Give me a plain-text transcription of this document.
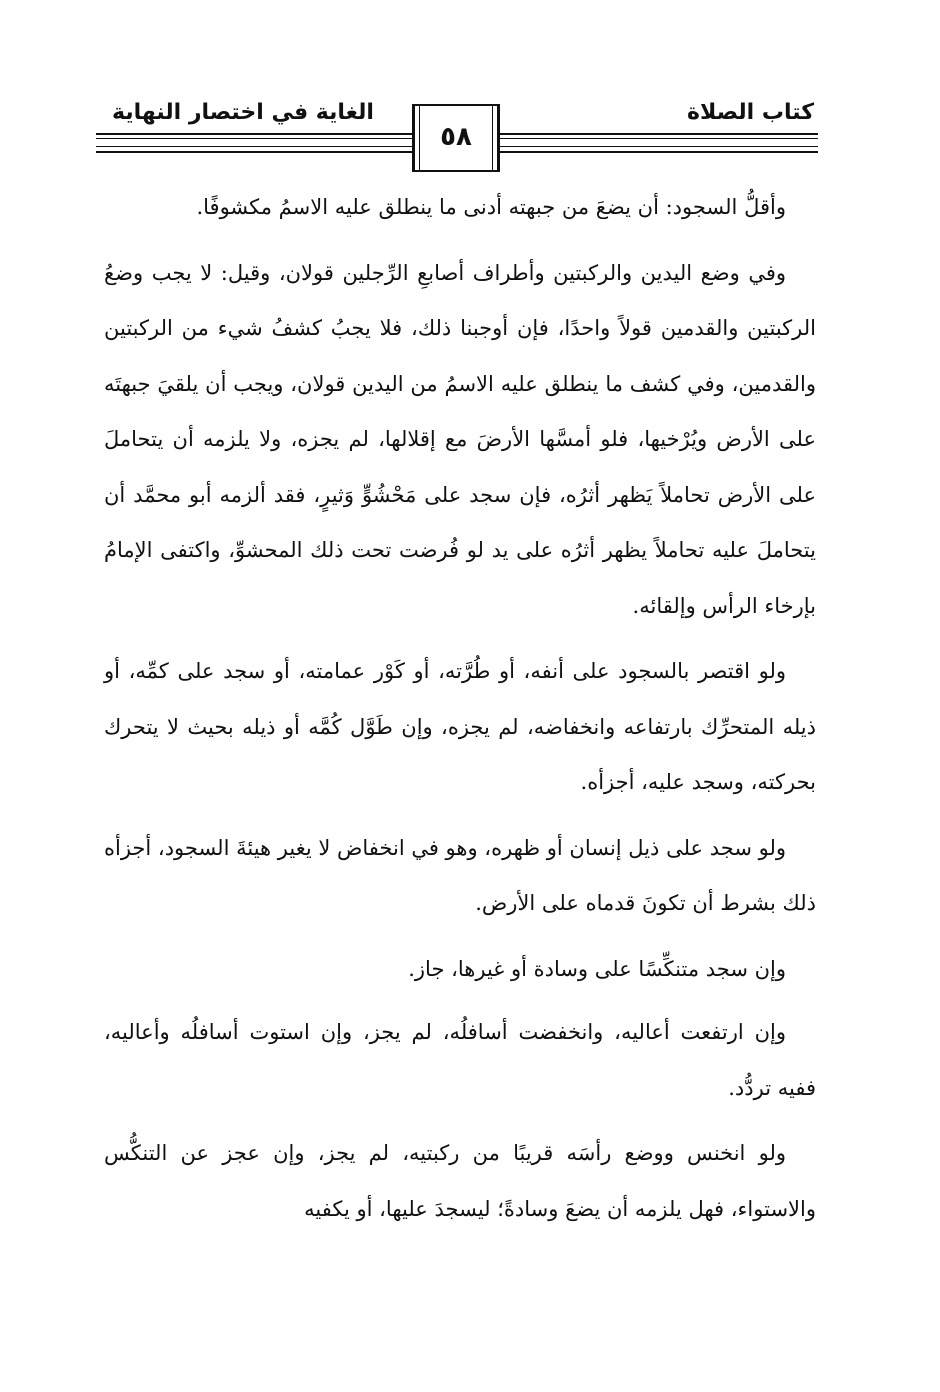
كتاب الصلاة
الغاية في اختصار النهاية
٥٨

وأقلُّ السجود: أن يضعَ من جبهته أدنى ما ينطلق عليه الاسمُ مكشوفًا.

وفي وضع اليدين والركبتين وأطراف أصابعِ الرِّجلين قولان، وقيل: لا يجب وضعُ الركبتين والقدمين قولاً واحدًا، فإن أوجبنا ذلك، فلا يجبُ كشفُ شيء من الركبتين والقدمين، وفي كشف ما ينطلق عليه الاسمُ من اليدين قولان، ويجب أن يلقيَ جبهتَه على الأرض ويُرْخيها، فلو أمسَّها الأرضَ مع إقلالها، لم يجزه، ولا يلزمه أن يتحاملَ على الأرض تحاملاً يَظهر أثرُه، فإن سجد على مَحْشُوٍّ وَثيرٍ، فقد ألزمه أبو محمَّد أن يتحاملَ عليه تحاملاً يظهر أثرُه على يد لو فُرضت تحت ذلك المحشوِّ، واكتفى الإمامُ بإرخاء الرأس وإلقائه.

ولو اقتصر بالسجود على أنفه، أو طُرَّته، أو كَوْر عمامته، أو سجد على كمِّه، أو ذيله المتحرِّك بارتفاعه وانخفاضه، لم يجزه، وإن طَوَّل كُمَّه أو ذيله بحيث لا يتحرك بحركته، وسجد عليه، أجزأه.

ولو سجد على ذيل إنسان أو ظهره، وهو في انخفاض لا يغير هيئةَ السجود، أجزأه ذلك بشرط أن تكونَ قدماه على الأرض.

وإن سجد متنكِّسًا على وسادة أو غيرها، جاز.

وإن ارتفعت أعاليه، وانخفضت أسافلُه، لم يجز، وإن استوت أسافلُه وأعاليه، ففيه تردُّد.

ولو انخنس ووضع رأسَه قريبًا من ركبتيه، لم يجز، وإن عجز عن التنكُّس والاستواء، فهل يلزمه أن يضعَ وسادةً؛ ليسجدَ عليها، أو يكفيه
